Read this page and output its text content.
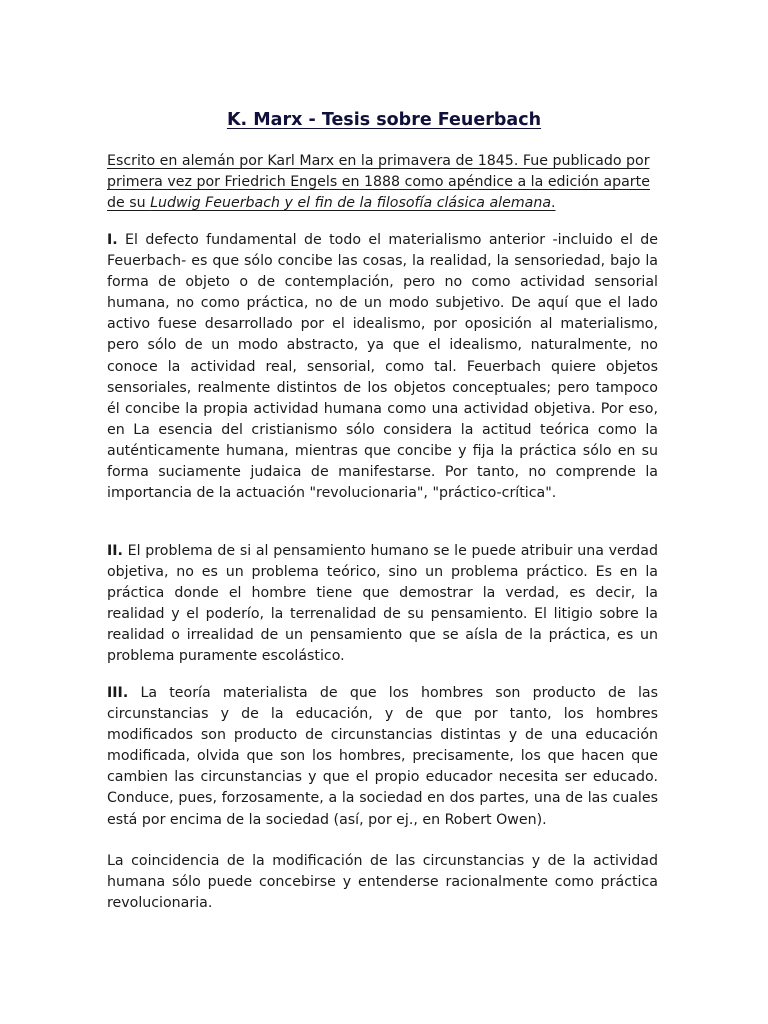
K. Marx - Tesis sobre Feuerbach
Escrito en alemán por Karl Marx en la primavera de 1845. Fue publicado por primera vez por Friedrich Engels en 1888 como apéndice a la edición aparte de su Ludwig Feuerbach y el fin de la filosofía clásica alemana.
I. El defecto fundamental de todo el materialismo anterior -incluido el de Feuerbach- es que sólo concibe las cosas, la realidad, la sensoriedad, bajo la forma de objeto o de contemplación, pero no como actividad sensorial humana, no como práctica, no de un modo subjetivo. De aquí que el lado activo fuese desarrollado por el idealismo, por oposición al materialismo, pero sólo de un modo abstracto, ya que el idealismo, naturalmente, no conoce la actividad real, sensorial, como tal. Feuerbach quiere objetos sensoriales, realmente distintos de los objetos conceptuales; pero tampoco él concibe la propia actividad humana como una actividad objetiva. Por eso, en La esencia del cristianismo sólo considera la actitud teórica como la auténticamente humana, mientras que concibe y fija la práctica sólo en su forma suciamente judaica de manifestarse. Por tanto, no comprende la importancia de la actuación "revolucionaria", "práctico-crítica".
II. El problema de si al pensamiento humano se le puede atribuir una verdad objetiva, no es un problema teórico, sino un problema práctico. Es en la práctica donde el hombre tiene que demostrar la verdad, es decir, la realidad y el poderío, la terrenalidad de su pensamiento. El litigio sobre la realidad o irrealidad de un pensamiento que se aísla de la práctica, es un problema puramente escolástico.
III. La teoría materialista de que los hombres son producto de las circunstancias y de la educación, y de que por tanto, los hombres modificados son producto de circunstancias distintas y de una educación modificada, olvida que son los hombres, precisamente, los que hacen que cambien las circunstancias y que el propio educador necesita ser educado. Conduce, pues, forzosamente, a la sociedad en dos partes, una de las cuales está por encima de la sociedad (así, por ej., en Robert Owen).
La coincidencia de la modificación de las circunstancias y de la actividad humana sólo puede concebirse y entenderse racionalmente como práctica revolucionaria.
